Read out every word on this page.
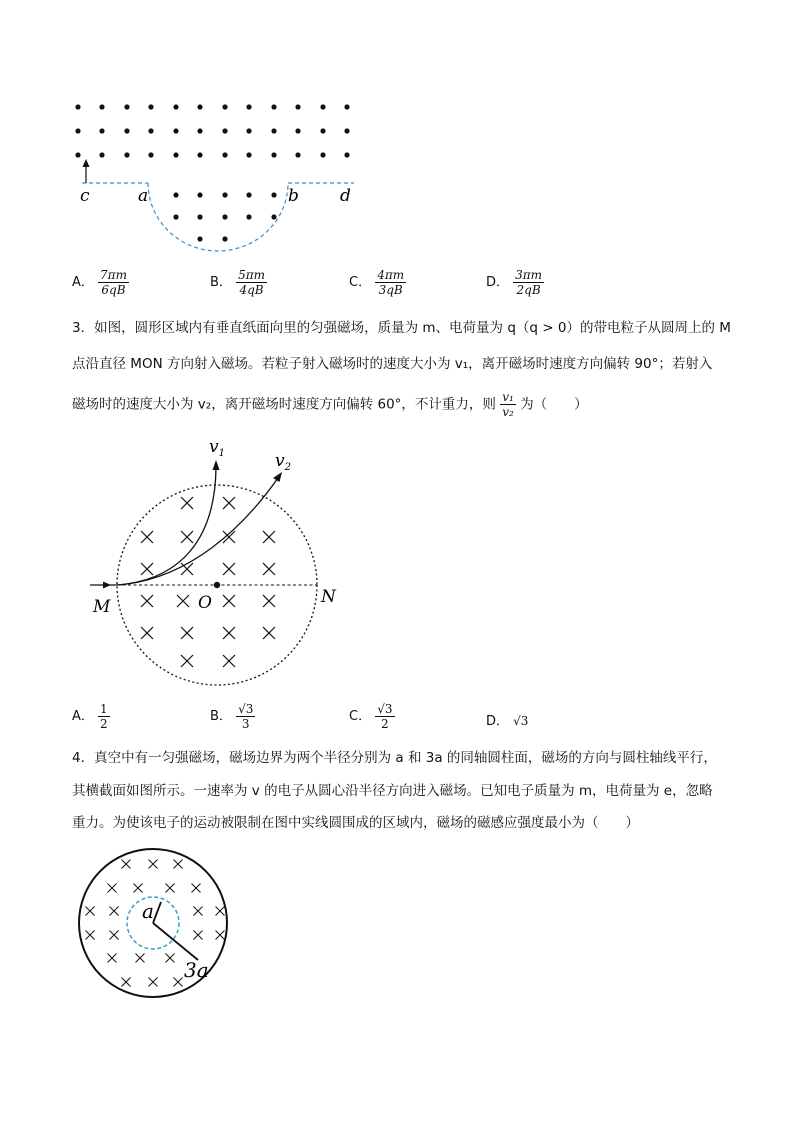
c	a	b d
A． $\frac{7\pi m}{6qB}$	B． $\frac{5\pi m}{4qB}$	C． $\frac{4\pi m}{3qB}$	D． $\frac{3\pi m}{2qB}$
3．如图，圆形区域内有垂直纸面向里的匀强磁场，质量为 m、电荷量为 q（q > 0）的带电粒子从圆周上的 M
点沿直径 MON 方向射入磁场。若粒子射入磁场时的速度大小为 v₁，离开磁场时速度方向偏转 90°；若射入
磁场时的速度大小为 v₂，离开磁场时速度方向偏转 60°，不计重力，则 $\frac{\text{v₁}}{\text{v₂}}$ 为（　　）
$v_1$	$v_2$
M	O	N
A． $\frac{1}{2}$	B． $\frac{√3}{3}$	C． $\frac{√3}{2}$	D． √3
4．真空中有一匀强磁场，磁场边界为两个半径分别为 a 和 3a 的同轴圆柱面，磁场的方向与圆柱轴线平行，
其横截面如图所示。一速率为 v 的电子从圆心沿半径方向进入磁场。已知电子质量为 m，电荷量为 e，忽略
重力。为使该电子的运动被限制在图中实线圆围成的区域内，磁场的磁感应强度最小为（　　）
a
3a
